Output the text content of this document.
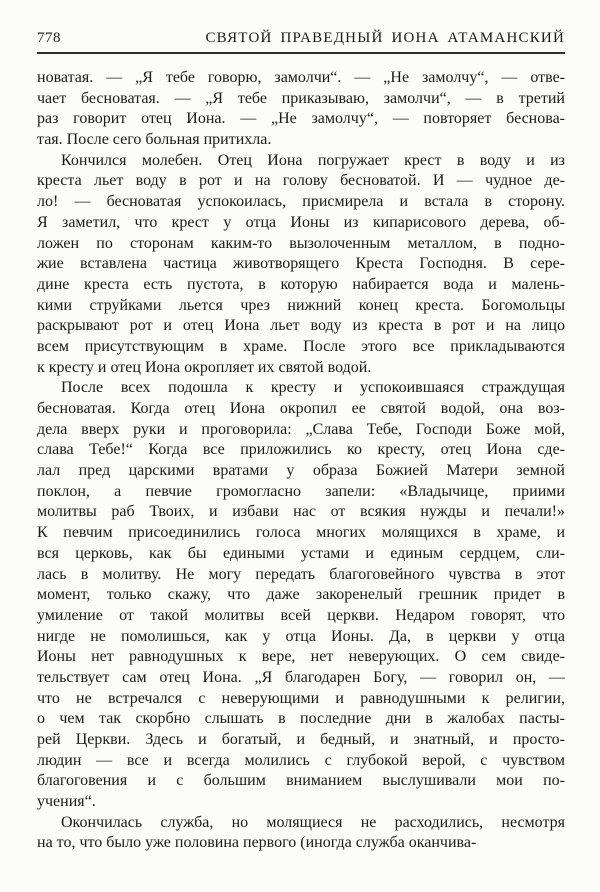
778	СВЯТОЙ ПРАВЕДНЫЙ ИОНА АТАМАНСКИЙ
новатая. — „Я тебе говорю, замолчи“. — „Не замолчу“, — отве-
чает бесноватая. — „Я тебе приказываю, замолчи“, — в третий
раз говорит отец Иона. — „Не замолчу“, — повторяет беснова-
тая. После сего больная притихла.
Кончился молебен. Отец Иона погружает крест в воду и из
креста льет воду в рот и на голову бесноватой. И — чудное де-
ло! — бесноватая успокоилась, присмирела и встала в сторону.
Я заметил, что крест у отца Ионы из кипарисового дерева, об-
ложен по сторонам каким-то вызолоченным металлом, в подно-
жие вставлена частица животворящего Креста Господня. В сере-
дине креста есть пустота, в которую набирается вода и малень-
кими струйками льется чрез нижний конец креста. Богомольцы
раскрывают рот и отец Иона льет воду из креста в рот и на лицо
всем присутствующим в храме. После этого все прикладываются
к кресту и отец Иона окропляет их святой водой.
После всех подошла к кресту и успокоившаяся страждущая
бесноватая. Когда отец Иона окропил ее святой водой, она воз-
дела вверх руки и проговорила: „Слава Тебе, Господи Боже мой,
слава Тебе!“ Когда все приложились ко кресту, отец Иона сде-
лал пред царскими вратами у образа Божией Матери земной
поклон, а певчие громогласно запели: «Владычице, приими
молитвы раб Твоих, и избави нас от всякия нужды и печали!»
К певчим присоединились голоса многих молящихся в храме, и
вся церковь, как бы едиными устами и единым сердцем, сли-
лась в молитву. Не могу передать благоговейного чувства в этот
момент, только скажу, что даже закоренелый грешник придет в
умиление от такой молитвы всей церкви. Недаром говорят, что
нигде не помолишься, как у отца Ионы. Да, в церкви у отца
Ионы нет равнодушных к вере, нет неверующих. О сем свиде-
тельствует сам отец Иона. „Я благодарен Богу, — говорил он, —
что не встречался с неверующими и равнодушными к религии,
о чем так скорбно слышать в последние дни в жалобах пасты-
рей Церкви. Здесь и богатый, и бедный, и знатный, и просто-
людин — все и всегда молились с глубокой верой, с чувством
благоговения и с большим вниманием выслушивали мои по-
учения“.
Окончилась служба, но молящиеся не расходились, несмотря
на то, что было уже половина первого (иногда служба оканчива-
